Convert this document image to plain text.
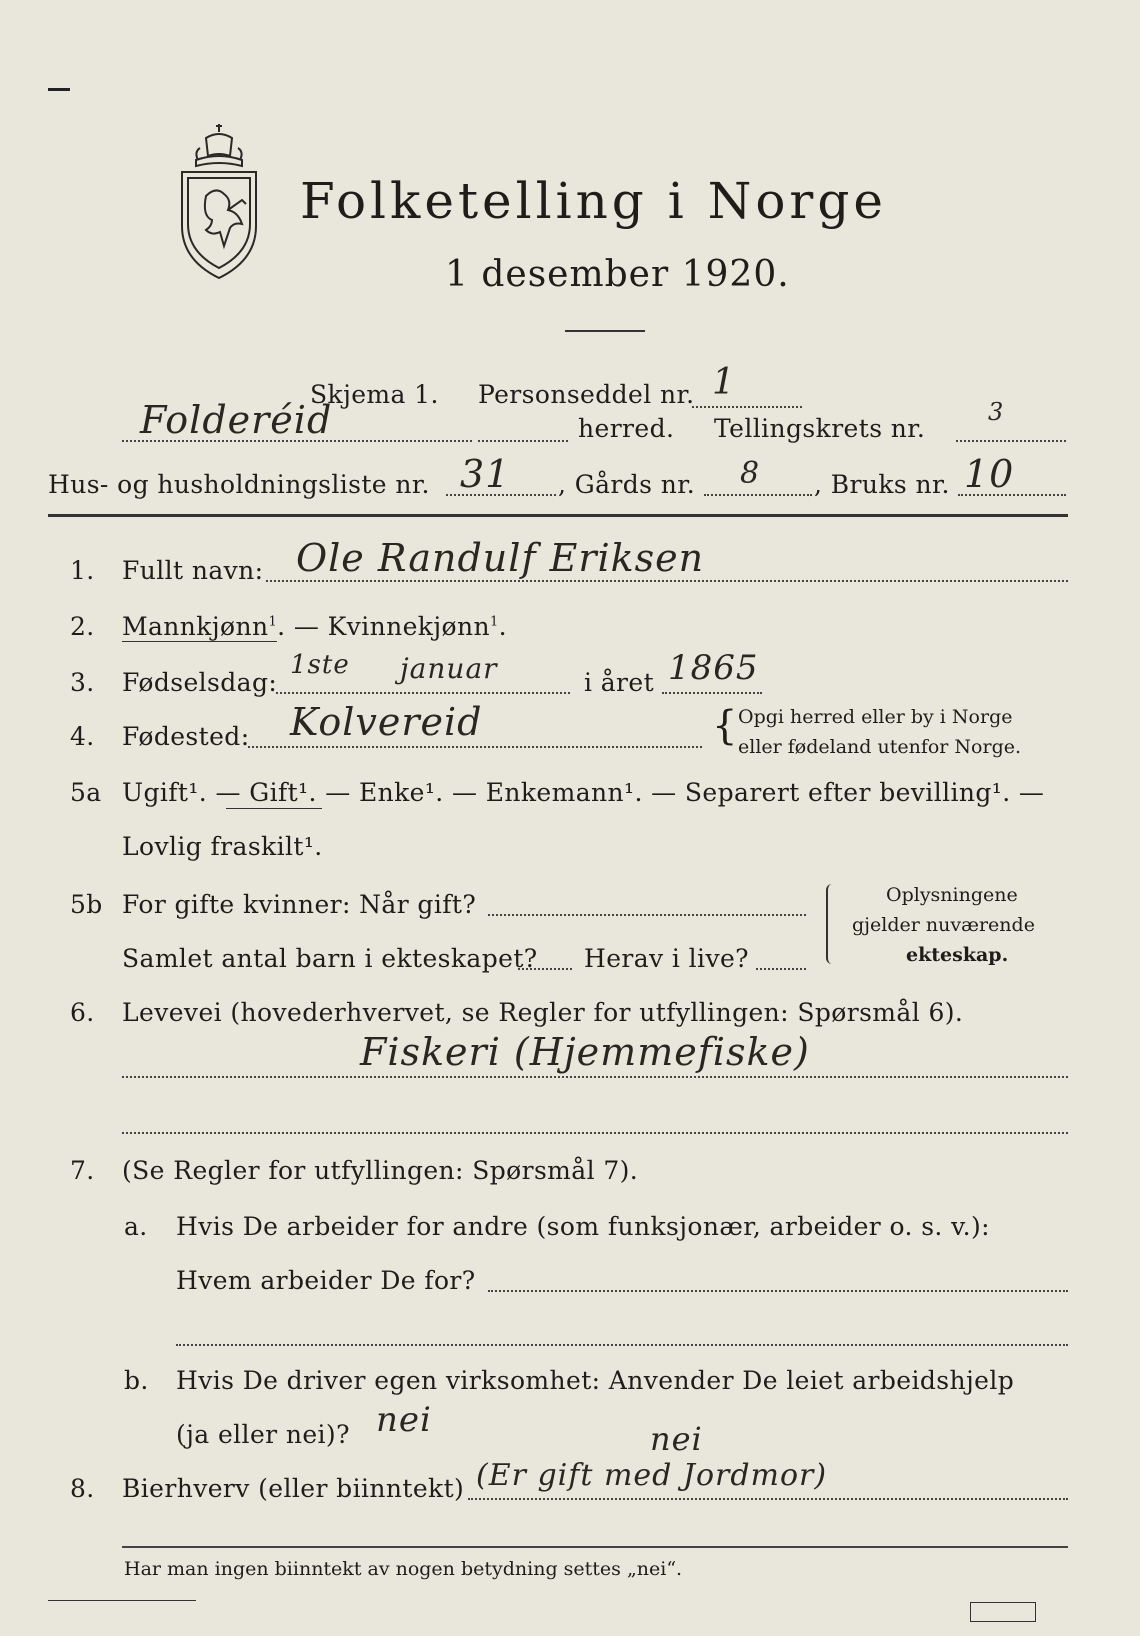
Folketelling i Norge
1 desember 1920.
Skjema 1. Personseddel nr. 1
Folderéid	herred. Tellingskrets nr.
3
Hus- og husholdningsliste nr. 31 , Gårds nr. 8 , Bruks nr. 10
1. Fullt navn: Ole Randulf Eriksen
2. Mannkjønn$^1$. — Kvinnekjønn$^1$.
3. Fødselsdag:
1ste januar	i året 1865
4. Fødested: Kolvereid	{ Opgi herred eller by i Norge
eller fødeland utenfor Norge.
5a Ugift¹. — Gift¹. — Enke¹. — Enkemann¹. — Separert efter bevilling¹. —
Lovlig fraskilt¹.
5b For gifte kvinner: Når gift?
Samlet antal barn i ekteskapet? Herav i live?
Oplysningene
gjelder nuværende
ekteskap.
6. Levevei (hovederhvervet, se Regler for utfyllingen: Spørsmål 6).
Fiskeri (Hjemmefiske)
7. (Se Regler for utfyllingen: Spørsmål 7).
a. Hvis De arbeider for andre (som funksjonær, arbeider o. s. v.):
Hvem arbeider De for?
b. Hvis De driver egen virksomhet: Anvender De leiet arbeidshjelp
(ja eller nei)? nei	nei
8. Bierhverv (eller biinntekt) (Er gift med Jordmor)
Har man ingen biinntekt av nogen betydning settes „nei“.
